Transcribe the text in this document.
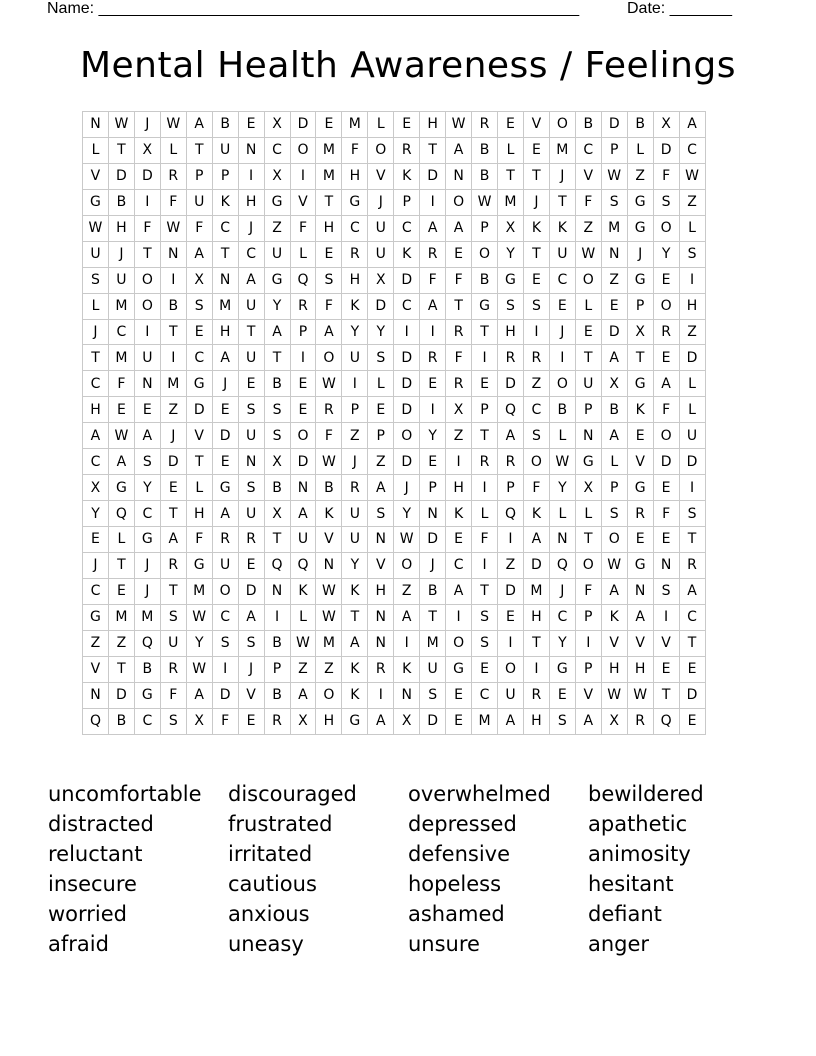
Name: ______________________________________________________	Date: _______
Mental Health Awareness / Feelings
N	W	J	W	A	B	E	X	D	E	M	L	E	H	W	R	E	V	O	B	D	B	X	A
L	T	X	L	T	U	N	C	O	M	F	O	R	T	A	B	L	E	M	C	P	L	D	C
V	D	D	R	P	P	I	X	I	M	H	V	K	D	N	B	T	T	J	V	W	Z	F	W
G	B	I	F	U	K	H	G	V	T	G	J	P	I	O	W	M	J	T	F	S	G	S	Z
W	H	F	W	F	C	J	Z	F	H	C	U	C	A	A	P	X	K	K	Z	M	G	O	L
U	J	T	N	A	T	C	U	L	E	R	U	K	R	E	O	Y	T	U	W	N	J	Y	S
S	U	O	I	X	N	A	G	Q	S	H	X	D	F	F	B	G	E	C	O	Z	G	E	I
L	M	O	B	S	M	U	Y	R	F	K	D	C	A	T	G	S	S	E	L	E	P	O	H
J	C	I	T	E	H	T	A	P	A	Y	Y	I	I	R	T	H	I	J	E	D	X	R	Z
T	M	U	I	C	A	U	T	I	O	U	S	D	R	F	I	R	R	I	T	A	T	E	D
C	F	N	M	G	J	E	B	E	W	I	L	D	E	R	E	D	Z	O	U	X	G	A	L
H	E	E	Z	D	E	S	S	E	R	P	E	D	I	X	P	Q	C	B	P	B	K	F	L
A	W	A	J	V	D	U	S	O	F	Z	P	O	Y	Z	T	A	S	L	N	A	E	O	U
C	A	S	D	T	E	N	X	D	W	J	Z	D	E	I	R	R	O	W	G	L	V	D	D
X	G	Y	E	L	G	S	B	N	B	R	A	J	P	H	I	P	F	Y	X	P	G	E	I
Y	Q	C	T	H	A	U	X	A	K	U	S	Y	N	K	L	Q	K	L	L	S	R	F	S
E	L	G	A	F	R	R	T	U	V	U	N	W	D	E	F	I	A	N	T	O	E	E	T
J	T	J	R	G	U	E	Q	Q	N	Y	V	O	J	C	I	Z	D	Q	O	W	G	N	R
C	E	J	T	M	O	D	N	K	W	K	H	Z	B	A	T	D	M	J	F	A	N	S	A
G	M	M	S	W	C	A	I	L	W	T	N	A	T	I	S	E	H	C	P	K	A	I	C
Z	Z	Q	U	Y	S	S	B	W	M	A	N	I	M	O	S	I	T	Y	I	V	V	V	T
V	T	B	R	W	I	J	P	Z	Z	K	R	K	U	G	E	O	I	G	P	H	H	E	E
N	D	G	F	A	D	V	B	A	O	K	I	N	S	E	C	U	R	E	V	W	W	T	D
Q	B	C	S	X	F	E	R	X	H	G	A	X	D	E	M	A	H	S	A	X	R	Q	E
uncomfortable	discouraged	overwhelmed	bewildered
distracted	frustrated	depressed	apathetic
reluctant	irritated	defensive	animosity
insecure	cautious	hopeless	hesitant
worried	anxious	ashamed	defiant
afraid	uneasy	unsure	anger
